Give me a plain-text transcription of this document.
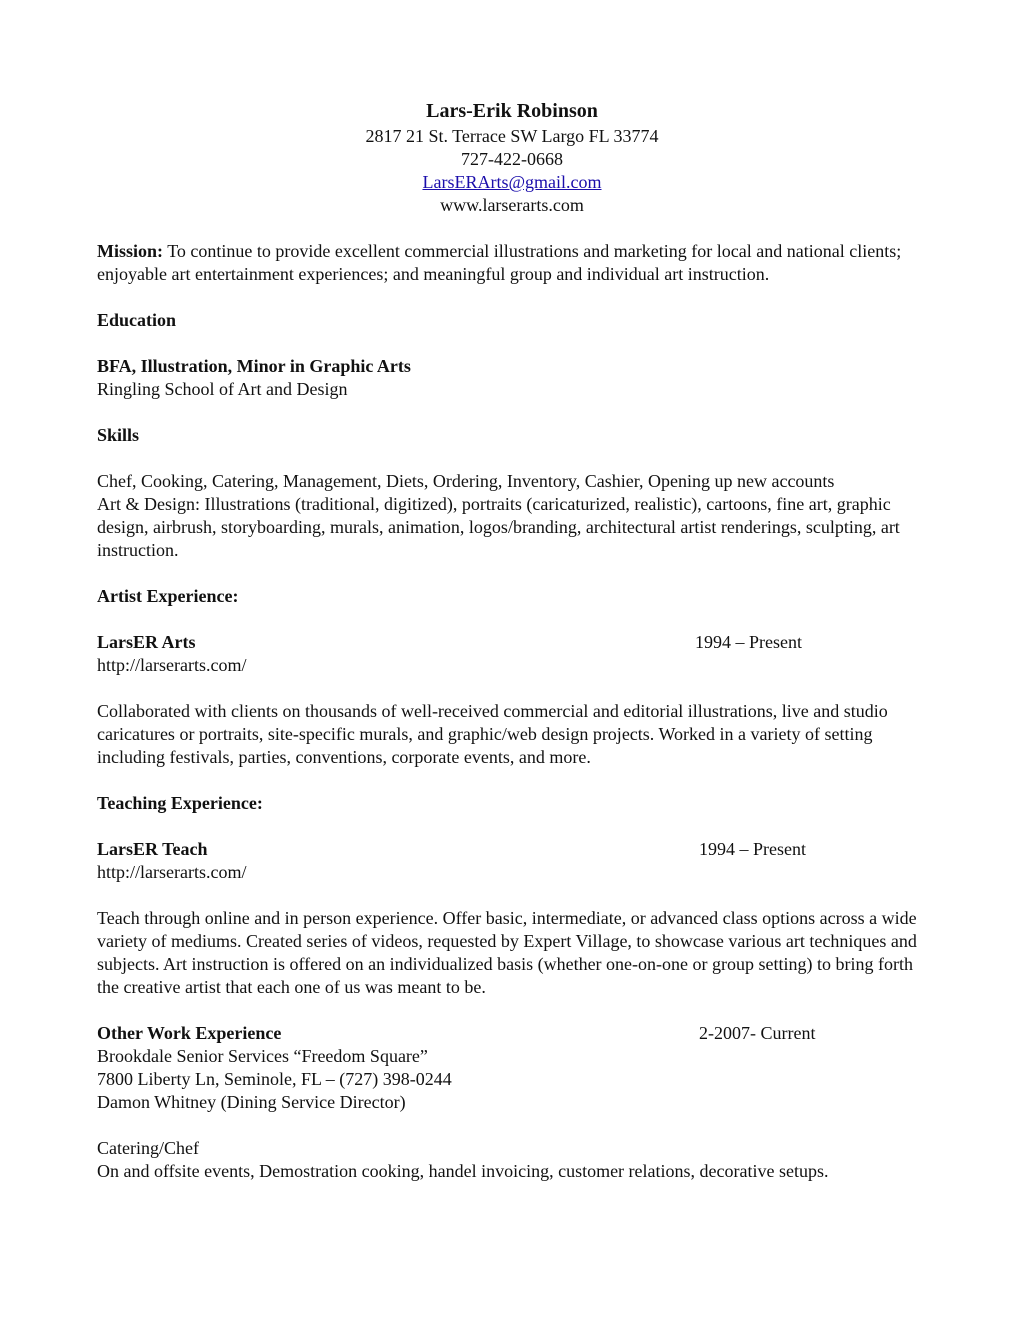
Lars-Erik Robinson
2817 21 St. Terrace SW Largo FL 33774
727-422-0668
LarsERArts@gmail.com
www.larserarts.com

Mission: To continue to provide excellent commercial illustrations and marketing for local and national clients; enjoyable art entertainment experiences; and meaningful group and individual art instruction.

Education

BFA, Illustration, Minor in Graphic Arts

Ringling School of Art and Design

Skills

Chef, Cooking, Catering, Management, Diets, Ordering, Inventory, Cashier, Opening up new accounts

Art & Design: Illustrations (traditional, digitized), portraits (caricaturized, realistic), cartoons, fine art, graphic design, airbrush, storyboarding, murals, animation, logos/branding, architectural artist renderings, sculpting, art instruction.

Artist Experience:

LarsER Arts	1994 – Present

http://larserarts.com/

Collaborated with clients on thousands of well-received commercial and editorial illustrations, live and studio caricatures or portraits, site-specific murals, and graphic/web design projects. Worked in a variety of setting including festivals, parties, conventions, corporate events, and more.

Teaching Experience:

LarsER Teach	1994 – Present

http://larserarts.com/

Teach through online and in person experience. Offer basic, intermediate, or advanced class options across a wide variety of mediums. Created series of videos, requested by Expert Village, to showcase various art techniques and subjects. Art instruction is offered on an individualized basis (whether one-on-one or group setting) to bring forth the creative artist that each one of us was meant to be.

Other Work Experience	2-2007- Current

Brookdale Senior Services “Freedom Square”

7800 Liberty Ln, Seminole, FL – (727) 398-0244

Damon Whitney (Dining Service Director)

Catering/Chef

On and offsite events, Demostration cooking, handel invoicing, customer relations, decorative setups.
